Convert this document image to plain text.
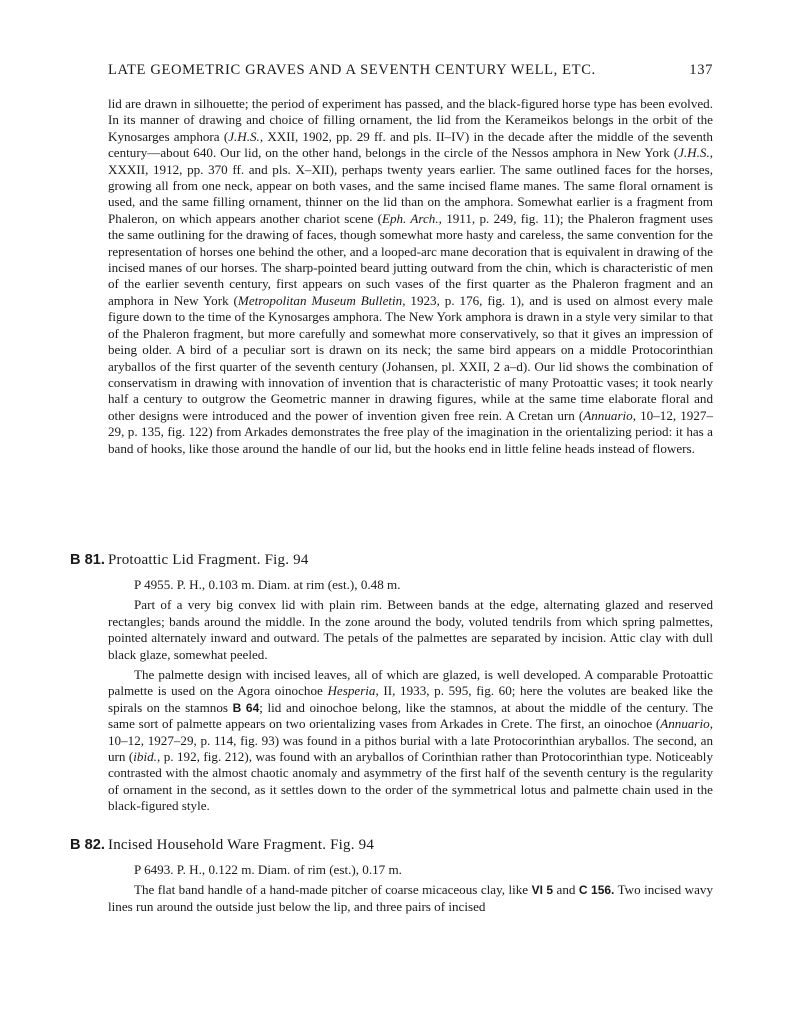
LATE GEOMETRIC GRAVES AND A SEVENTH CENTURY WELL, ETC.	137

lid are drawn in silhouette; the period of experiment has passed, and the black-figured horse type has been evolved. In its manner of drawing and choice of filling ornament, the lid from the Kerameikos belongs in the orbit of the Kynosarges amphora (J.H.S., XXII, 1902, pp. 29 ff. and pls. II–IV) in the decade after the middle of the seventh century—about 640. Our lid, on the other hand, belongs in the circle of the Nessos amphora in New York (J.H.S., XXXII, 1912, pp. 370 ff. and pls. X–XII), perhaps twenty years earlier. The same outlined faces for the horses, growing all from one neck, appear on both vases, and the same incised flame manes. The same floral ornament is used, and the same filling ornament, thinner on the lid than on the amphora. Somewhat earlier is a fragment from Phaleron, on which appears another chariot scene (Eph. Arch., 1911, p. 249, fig. 11); the Phaleron fragment uses the same outlining for the drawing of faces, though somewhat more hasty and careless, the same convention for the representation of horses one behind the other, and a looped-arc mane decoration that is equivalent in drawing of the incised manes of our horses. The sharp-pointed beard jutting outward from the chin, which is characteristic of men of the earlier seventh century, first appears on such vases of the first quarter as the Phaleron fragment and an amphora in New York (Metropolitan Museum Bulletin, 1923, p. 176, fig. 1), and is used on almost every male figure down to the time of the Kynosarges amphora. The New York amphora is drawn in a style very similar to that of the Phaleron fragment, but more carefully and somewhat more conservatively, so that it gives an impression of being older. A bird of a peculiar sort is drawn on its neck; the same bird appears on a middle Protocorinthian aryballos of the first quarter of the seventh century (Johansen, pl. XXII, 2 a–d). Our lid shows the combination of conservatism in drawing with innovation of invention that is characteristic of many Protoattic vases; it took nearly half a century to outgrow the Geometric manner in drawing figures, while at the same time elaborate floral and other designs were introduced and the power of invention given free rein. A Cretan urn (Annuario, 10–12, 1927–29, p. 135, fig. 122) from Arkades demonstrates the free play of the imagination in the orientalizing period: it has a band of hooks, like those around the handle of our lid, but the hooks end in little feline heads instead of flowers.

B 81. Protoattic Lid Fragment. Fig. 94

P 4955. P. H., 0.103 m. Diam. at rim (est.), 0.48 m.

Part of a very big convex lid with plain rim. Between bands at the edge, alternating glazed and reserved rectangles; bands around the middle. In the zone around the body, voluted tendrils from which spring palmettes, pointed alternately inward and outward. The petals of the palmettes are separated by incision. Attic clay with dull black glaze, somewhat peeled.

The palmette design with incised leaves, all of which are glazed, is well developed. A comparable Protoattic palmette is used on the Agora oinochoe Hesperia, II, 1933, p. 595, fig. 60; here the volutes are beaked like the spirals on the stamnos B 64; lid and oinochoe belong, like the stamnos, at about the middle of the century. The same sort of palmette appears on two orientalizing vases from Arkades in Crete. The first, an oinochoe (Annuario, 10–12, 1927–29, p. 114, fig. 93) was found in a pithos burial with a late Protocorinthian aryballos. The second, an urn (ibid., p. 192, fig. 212), was found with an aryballos of Corinthian rather than Protocorinthian type. Noticeably contrasted with the almost chaotic anomaly and asymmetry of the first half of the seventh century is the regularity of ornament in the second, as it settles down to the order of the symmetrical lotus and palmette chain used in the black-figured style.

B 82. Incised Household Ware Fragment. Fig. 94

P 6493. P. H., 0.122 m. Diam. of rim (est.), 0.17 m.

The flat band handle of a hand-made pitcher of coarse micaceous clay, like VI 5 and C 156. Two incised wavy lines run around the outside just below the lip, and three pairs of incised
